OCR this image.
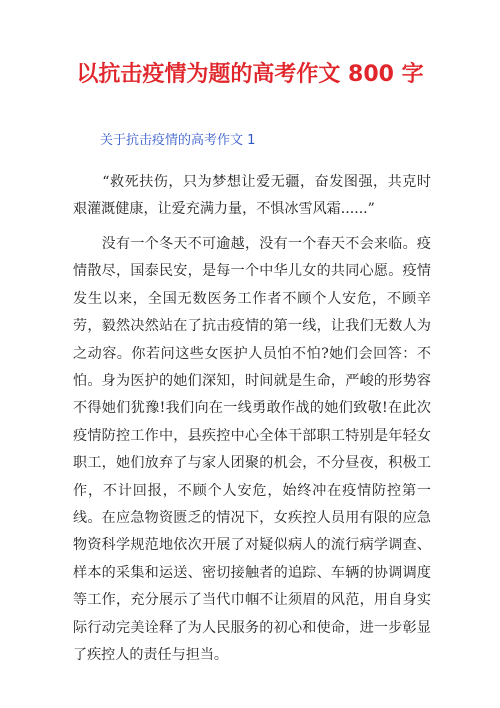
以抗击疫情为题的高考作文 800 字

关于抗击疫情的高考作文 1

　　“救死扶伤，只为梦想让爱无疆，奋发图强，共克时艰灌溉健康，让爱充满力量，不惧冰雪风霜......”

　　没有一个冬天不可逾越，没有一个春天不会来临。疫情散尽，国泰民安，是每一个中华儿女的共同心愿。疫情发生以来，全国无数医务工作者不顾个人安危，不顾辛劳，毅然决然站在了抗击疫情的第一线，让我们无数人为之动容。你若问这些女医护人员怕不怕?她们会回答：不怕。身为医护的她们深知，时间就是生命，严峻的形势容不得她们犹豫!我们向在一线勇敢作战的她们致敬!在此次疫情防控工作中，县疾控中心全体干部职工特别是年轻女职工，她们放弃了与家人团聚的机会，不分昼夜，积极工作，不计回报，不顾个人安危，始终冲在疫情防控第一线。在应急物资匮乏的情况下，女疾控人员用有限的应急物资科学规范地依次开展了对疑似病人的流行病学调查、样本的采集和运送、密切接触者的追踪、车辆的协调调度等工作，充分展示了当代巾帼不让须眉的风范，用自身实际行动完美诠释了为人民服务的初心和使命，进一步彰显了疾控人的责任与担当。
